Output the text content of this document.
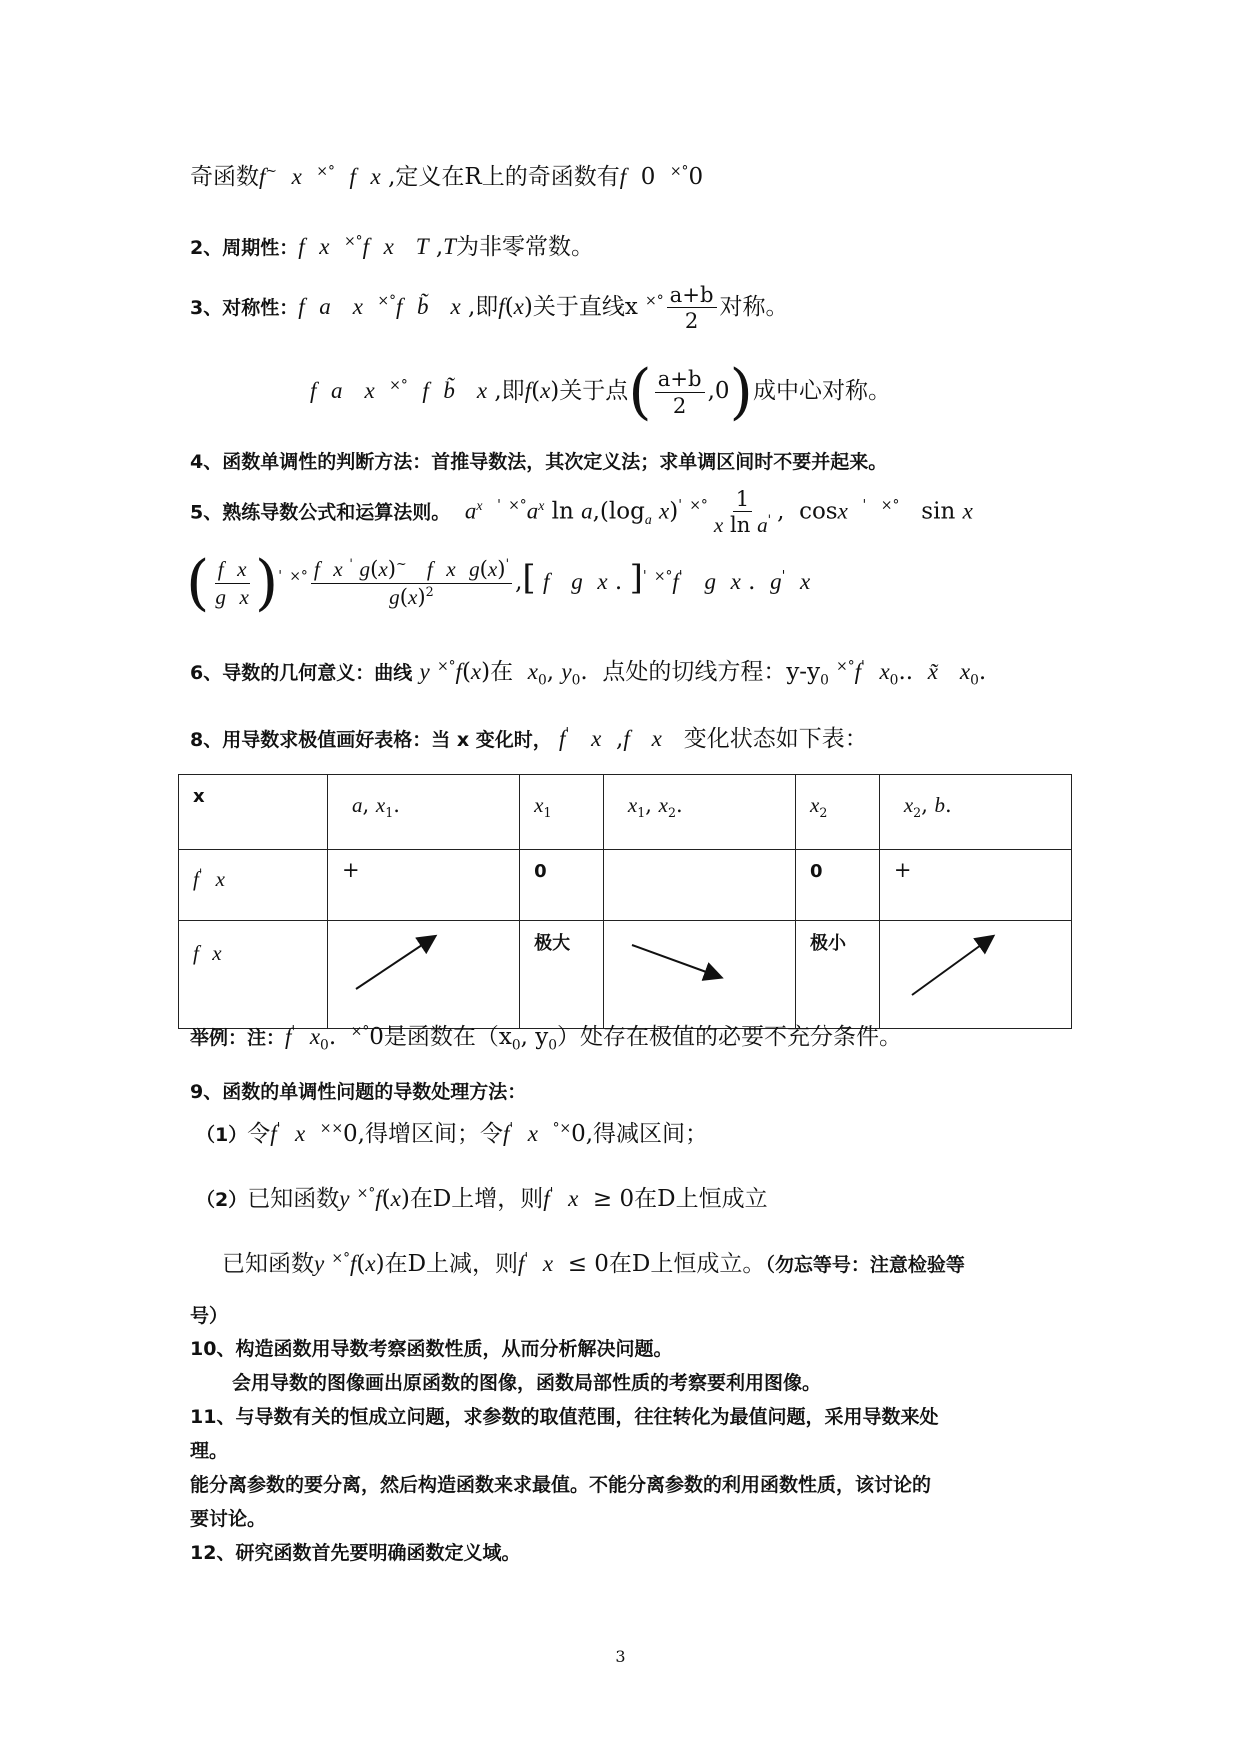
奇函数f~ x ×° f x ,定义在R上的奇函数有f  0  ×°0
2、周期性：f x ×°f x T ,T为非零常数。
3、对称性：f a x ×°f b̃ x ,即f(x)关于直线x $^{\times^\circ} \frac{a+b}{2}$ 对称。
f a x ×° f b̃ x ,即f(x)关于点( $\frac{a+b}{2} ,0$)成中心对称。
4、函数单调性的判断方法：首推导数法，其次定义法；求单调区间时不要并起来。
5、熟练导数公式和运算法则。 $a^x$ ' $^{\times^\circ}a^x$ $\ln a,(\log_a$ x)' $^{\times^\circ} \frac{1}{x \ln a'}$ ,  cosx ' ×° sin x
( $\frac{\text{f x}}{\text{g x}} )'$ $^{\times^\circ} \frac{f x ' g(x)^\sim f x g(x)'}{g(x)^2}$ ,[ f g x . ]' ×°f' g x .  g' x
6、导数的几何意义：曲线 y ×°f(x)在 $x_0$, $y_0$.  点处的切线方程：$y-y_0$ ×°f' $x_0$..  x̃ $x_0$.
8、用导数求极值画好表格：当 x 变化时， f' x  ,f x 变化状态如下表：
x	a, $x_1$.	$x_1$	$x_1$, $x_2$.	$x_2$	$x_2$, b.
f' x	+	0		0	+
f x		极大		极小	
举例：注：f' $x_0$.  ×°0是函数在（$x_0$, $y_0$）处存在极值的必要不充分条件。
9、函数的单调性问题的导数处理方法：
（1）令f' x ××0,得增区间；令f' x °×0,得减区间；
（2）已知函数y ×°f(x)在D上增，则f' x ≥ 0在D上恒成立
已知函数y ×°f(x)在D上减，则f' x ≤ 0在D上恒成立。（勿忘等号：注意检验等
号）
10、构造函数用导数考察函数性质，从而分析解决问题。
会用导数的图像画出原函数的图像，函数局部性质的考察要利用图像。
11、与导数有关的恒成立问题，求参数的取值范围，往往转化为最值问题，采用导数来处
理。
能分离参数的要分离，然后构造函数来求最值。不能分离参数的利用函数性质，该讨论的
要讨论。
12、研究函数首先要明确函数定义域。
3
